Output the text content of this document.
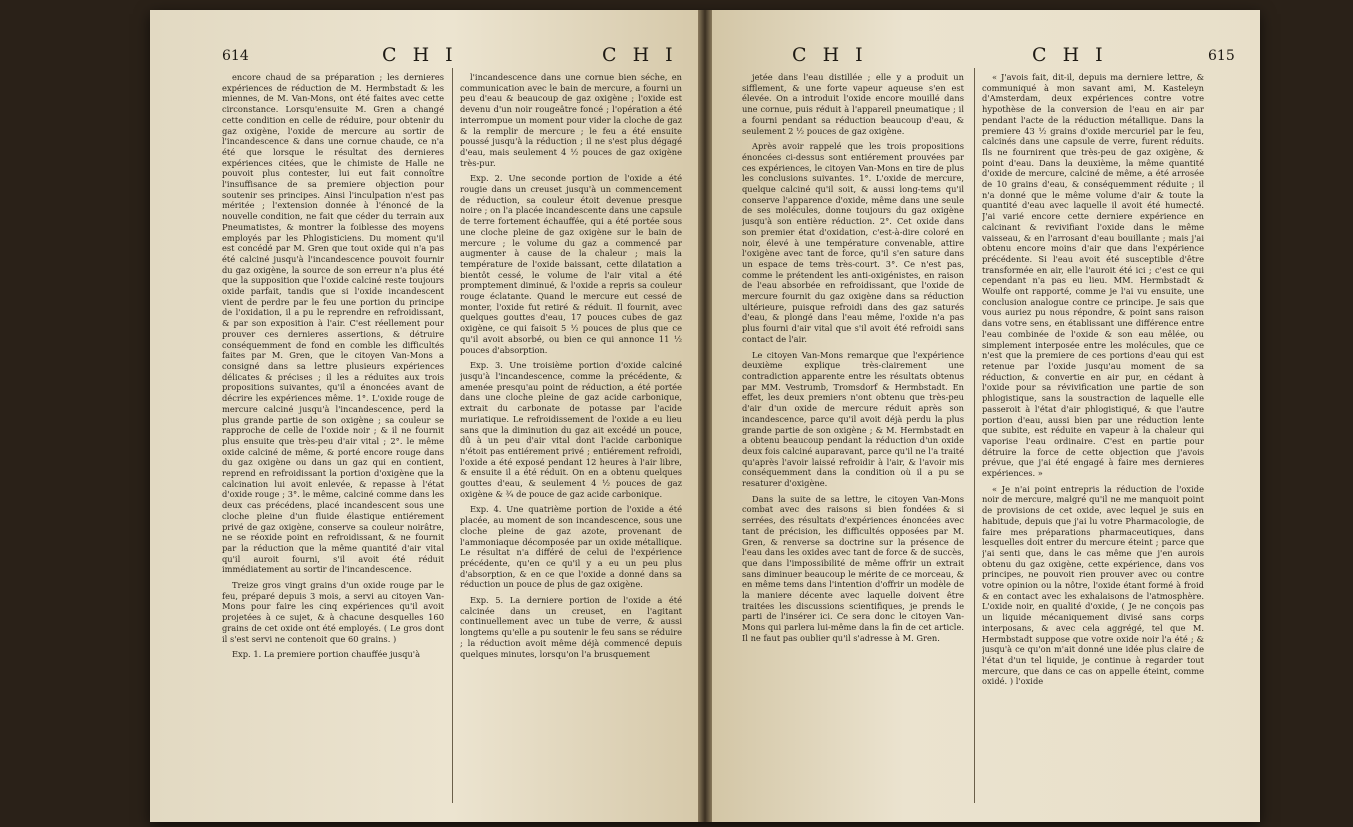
614	C H I	C H I

encore chaud de sa préparation ; les dernieres expériences de réduction de M. Hermbstadt & les miennes, de M. Van-Mons, ont été faites avec cette circonstance. Lorsqu'ensuite M. Gren a changé cette condition en celle de réduire, pour obtenir du gaz oxigène, l'oxide de mercure au sortir de l'incandescence & dans une cornue chaude, ce n'a été que lorsque le résultat des dernieres expériences citées, que le chimiste de Halle ne pouvoit plus contester, lui eut fait connoître l'insuffisance de sa premiere objection pour soutenir ses principes. Ainsi l'inculpation n'est pas méritée ; l'extension donnée à l'énoncé de la nouvelle condition, ne fait que céder du terrain aux Pneumatistes, & montrer la foiblesse des moyens employés par les Phlogisticiens. Du moment qu'il est concédé par M. Gren que tout oxide qui n'a pas été calciné jusqu'à l'incandescence pouvoit fournir du gaz oxigène, la source de son erreur n'a plus été que la supposition que l'oxide calciné reste toujours oxide parfait, tandis que si l'oxide incandescent vient de perdre par le feu une portion du principe de l'oxidation, il a pu le reprendre en refroidissant, & par son exposition à l'air. C'est réellement pour prouver ces dernieres assertions, & détruire conséquemment de fond en comble les difficultés faites par M. Gren, que le citoyen Van-Mons a consigné dans sa lettre plusieurs expériences délicates & précises ; il les a réduites aux trois propositions suivantes, qu'il a énoncées avant de décrire les expériences même. 1°. L'oxide rouge de mercure calciné jusqu'à l'incandescence, perd la plus grande partie de son oxigène ; sa couleur se rapproche de celle de l'oxide noir ; & il ne fournit plus ensuite que très-peu d'air vital ; 2°. le même oxide calciné de même, & porté encore rouge dans du gaz oxigène ou dans un gaz qui en contient, reprend en refroidissant la portion d'oxigène que la calcination lui avoit enlevée, & repasse à l'état d'oxide rouge ; 3°. le même, calciné comme dans les deux cas précédens, placé incandescent sous une cloche pleine d'un fluide élastique entiérement privé de gaz oxigène, conserve sa couleur noirâtre, ne se réoxide point en refroidissant, & ne fournit par la réduction que la même quantité d'air vital qu'il auroit fourni, s'il avoit été réduit immédiatement au sortir de l'incandescence.

Treize gros vingt grains d'un oxide rouge par le feu, préparé depuis 3 mois, a servi au citoyen Van-Mons pour faire les cinq expériences qu'il avoit projetées à ce sujet, & à chacune desquelles 160 grains de cet oxide ont été employés. ( Le gros dont il s'est servi ne contenoit que 60 grains. )

Exp. 1. La premiere portion chauffée jusqu'à

l'incandescence dans une cornue bien séche, en communication avec le bain de mercure, a fourni un peu d'eau & beaucoup de gaz oxigène ; l'oxide est devenu d'un noir rougeâtre foncé ; l'opération a été interrompue un moment pour vider la cloche de gaz & la remplir de mercure ; le feu a été ensuite poussé jusqu'à la réduction ; il ne s'est plus dégagé d'eau, mais seulement 4 ½ pouces de gaz oxigène très-pur.

Exp. 2. Une seconde portion de l'oxide a été rougie dans un creuset jusqu'à un commencement de réduction, sa couleur étoit devenue presque noire ; on l'a placée incandescente dans une capsule de terre fortement échauffée, qui a été portée sous une cloche pleine de gaz oxigène sur le bain de mercure ; le volume du gaz a commencé par augmenter à cause de la chaleur ; mais la température de l'oxide baissant, cette dilatation a bientôt cessé, le volume de l'air vital a été promptement diminué, & l'oxide a repris sa couleur rouge éclatante. Quand le mercure eut cessé de monter, l'oxide fut retiré & réduit. Il fournit, avec quelques gouttes d'eau, 17 pouces cubes de gaz oxigène, ce qui faisoit 5 ½ pouces de plus que ce qu'il avoit absorbé, ou bien ce qui annonce 11 ½ pouces d'absorption.

Exp. 3. Une troisième portion d'oxide calciné jusqu'à l'incandescence, comme la précédente, & amenée presqu'au point de réduction, a été portée dans une cloche pleine de gaz acide carbonique, extrait du carbonate de potasse par l'acide muriatique. Le refroidissement de l'oxide a eu lieu sans que la diminution du gaz ait excédé un pouce, dû à un peu d'air vital dont l'acide carbonique n'étoit pas entiérement privé ; entiérement refroidi, l'oxide a été exposé pendant 12 heures à l'air libre, & ensuite il a été réduit. On en a obtenu quelques gouttes d'eau, & seulement 4 ½ pouces de gaz oxigène & ¾ de pouce de gaz acide carbonique.

Exp. 4. Une quatrième portion de l'oxide a été placée, au moment de son incandescence, sous une cloche pleine de gaz azote, provenant de l'ammoniaque décomposée par un oxide métallique. Le résultat n'a différé de celui de l'expérience précédente, qu'en ce qu'il y a eu un peu plus d'absorption, & en ce que l'oxide a donné dans sa réduction un pouce de plus de gaz oxigène.

Exp. 5. La derniere portion de l'oxide a été calcinée dans un creuset, en l'agitant continuellement avec un tube de verre, & aussi longtems qu'elle a pu soutenir le feu sans se réduire ; la réduction avoit même déjà commencé depuis quelques minutes, lorsqu'on l'a brusquement

C H I	C H I	615

jetée dans l'eau distillée ; elle y a produit un sifflement, & une forte vapeur aqueuse s'en est élevée. On a introduit l'oxide encore mouillé dans une cornue, puis réduit à l'appareil pneumatique ; il a fourni pendant sa réduction beaucoup d'eau, & seulement 2 ½ pouces de gaz oxigène.

Après avoir rappelé que les trois propositions énoncées ci-dessus sont entiérement prouvées par ces expériences, le citoyen Van-Mons en tire de plus les conclusions suivantes. 1°. L'oxide de mercure, quelque calciné qu'il soit, & aussi long-tems qu'il conserve l'apparence d'oxide, même dans une seule de ses molécules, donne toujours du gaz oxigène jusqu'à son entière réduction. 2°. Cet oxide dans son premier état d'oxidation, c'est-à-dire coloré en noir, élevé à une température convenable, attire l'oxigène avec tant de force, qu'il s'en sature dans un espace de tems très-court. 3°. Ce n'est pas, comme le prétendent les anti-oxigénistes, en raison de l'eau absorbée en refroidissant, que l'oxide de mercure fournit du gaz oxigène dans sa réduction ultérieure, puisque refroidi dans des gaz saturés d'eau, & plongé dans l'eau même, l'oxide n'a pas plus fourni d'air vital que s'il avoit été refroidi sans contact de l'air.

Le citoyen Van-Mons remarque que l'expérience deuxième explique très-clairement une contradiction apparente entre les résultats obtenus par MM. Vestrumb, Tromsdorf & Hermbstadt. En effet, les deux premiers n'ont obtenu que très-peu d'air d'un oxide de mercure réduit après son incandescence, parce qu'il avoit déjà perdu la plus grande partie de son oxigène ; & M. Hermbstadt en a obtenu beaucoup pendant la réduction d'un oxide deux fois calciné auparavant, parce qu'il ne l'a traité qu'après l'avoir laissé refroidir à l'air, & l'avoir mis conséquemment dans la condition où il a pu se resaturer d'oxigène.

Dans la suite de sa lettre, le citoyen Van-Mons combat avec des raisons si bien fondées & si serrées, des résultats d'expériences énoncées avec tant de précision, les difficultés opposées par M. Gren, & renverse sa doctrine sur la présence de l'eau dans les oxides avec tant de force & de succès, que dans l'impossibilité de même offrir un extrait sans diminuer beaucoup le mérite de ce morceau, & en même tems dans l'intention d'offrir un modèle de la maniere décente avec laquelle doivent être traitées les discussions scientifiques, je prends le parti de l'insérer ici. Ce sera donc le citoyen Van-Mons qui parlera lui-même dans la fin de cet article. Il ne faut pas oublier qu'il s'adresse à M. Gren.

« J'avois fait, dit-il, depuis ma derniere lettre, & communiqué à mon savant ami, M. Kasteleyn d'Amsterdam, deux expériences contre votre hypothèse de la conversion de l'eau en air par pendant l'acte de la réduction métallique. Dans la premiere 43 ½ grains d'oxide mercuriel par le feu, calcinés dans une capsule de verre, furent réduits. Ils ne fournirent que très-peu de gaz oxigène, & point d'eau. Dans la deuxième, la même quantité d'oxide de mercure, calciné de même, a été arrosée de 10 grains d'eau, & conséquemment réduite ; il n'a donné que le même volume d'air & toute la quantité d'eau avec laquelle il avoit été humecté. J'ai varié encore cette derniere expérience en calcinant & revivifiant l'oxide dans le même vaisseau, & en l'arrosant d'eau bouillante ; mais j'ai obtenu encore moins d'air que dans l'expérience précédente. Si l'eau avoit été susceptible d'être transformée en air, elle l'auroit été ici ; c'est ce qui cependant n'a pas eu lieu. MM. Hermbstadt & Woulfe ont rapporté, comme je l'ai vu ensuite, une conclusion analogue contre ce principe. Je sais que vous auriez pu nous répondre, & point sans raison dans votre sens, en établissant une différence entre l'eau combinée de l'oxide & son eau mêlée, ou simplement interposée entre les molécules, que ce n'est que la premiere de ces portions d'eau qui est retenue par l'oxide jusqu'au moment de sa réduction, & convertie en air pur, en cédant à l'oxide pour sa révivification une partie de son phlogistique, sans la soustraction de laquelle elle passeroit à l'état d'air phlogistiqué, & que l'autre portion d'eau, aussi bien par une réduction lente que subite, est réduite en vapeur à la chaleur qui vaporise l'eau ordinaire. C'est en partie pour détruire la force de cette objection que j'avois prévue, que j'ai été engagé à faire mes dernieres expériences. »

« Je n'ai point entrepris la réduction de l'oxide noir de mercure, malgré qu'il ne me manquoit point de provisions de cet oxide, avec lequel je suis en habitude, depuis que j'ai lu votre Pharmacologie, de faire mes préparations pharmaceutiques, dans lesquelles doit entrer du mercure éteint ; parce que j'ai senti que, dans le cas même que j'en aurois obtenu du gaz oxigène, cette expérience, dans vos principes, ne pouvoit rien prouver avec ou contre votre opinion ou la nôtre, l'oxide étant formé à froid & en contact avec les exhalaisons de l'atmosphère. L'oxide noir, en qualité d'oxide, ( Je ne conçois pas un liquide mécaniquement divisé sans corps interposans, & avec cela aggrégé, tel que M. Hermbstadt suppose que votre oxide noir l'a été ; & jusqu'à ce qu'on m'ait donné une idée plus claire de l'état d'un tel liquide, je continue à regarder tout mercure, que dans ce cas on appelle éteint, comme oxidé. ) l'oxide
